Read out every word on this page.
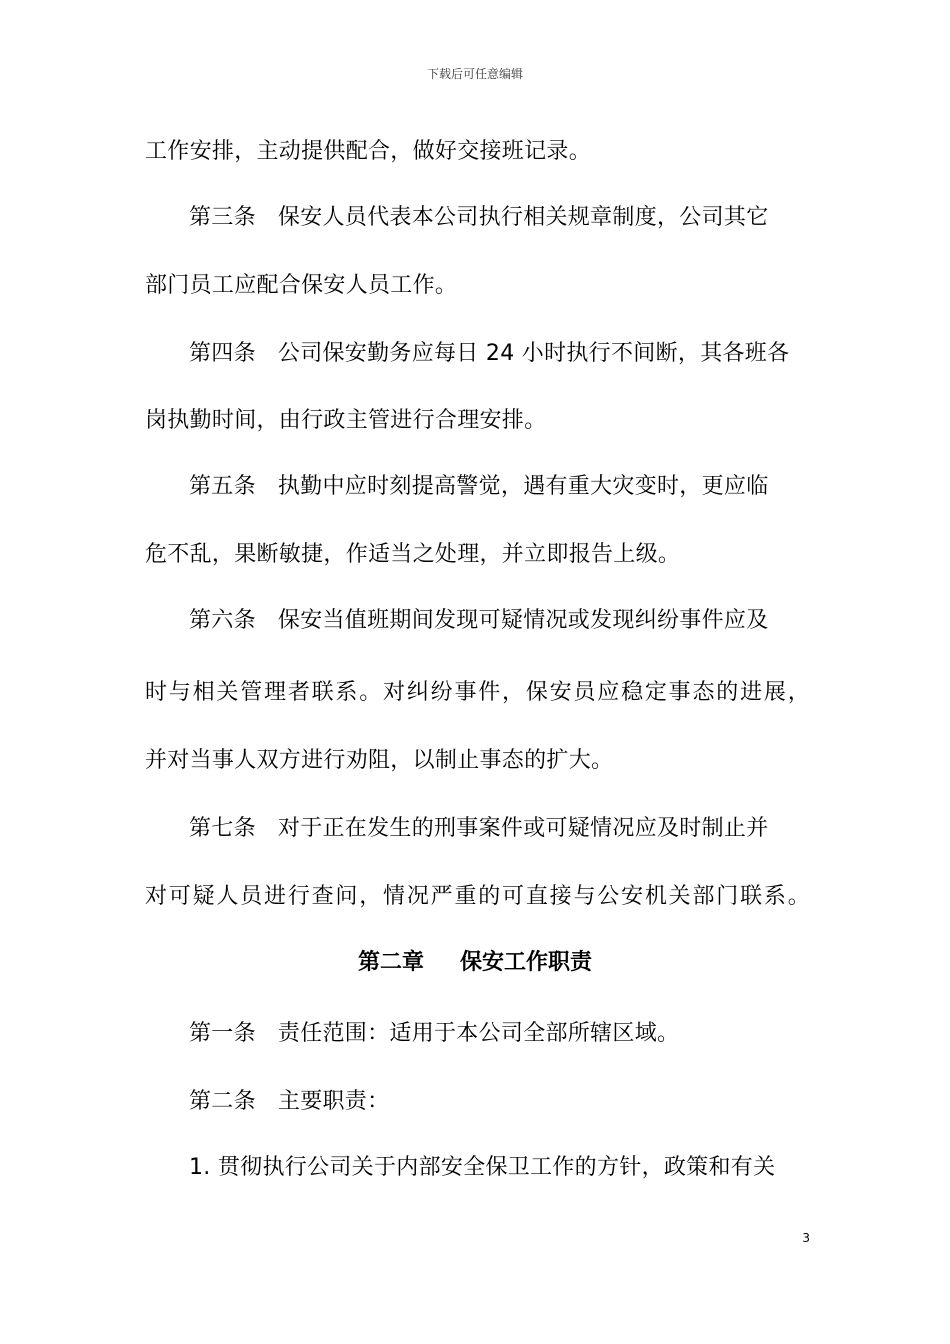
下载后可任意编辑
工作安排，主动提供配合，做好交接班记录。
第三条 保安人员代表本公司执行相关规章制度，公司其它
部门员工应配合保安人员工作。
第四条 公司保安勤务应每日 24 小时执行不间断，其各班各
岗执勤时间，由行政主管进行合理安排。
第五条 执勤中应时刻提高警觉，遇有重大灾变时，更应临
危不乱，果断敏捷，作适当之处理，并立即报告上级。
第六条 保安当值班期间发现可疑情况或发现纠纷事件应及
时与相关管理者联系。对纠纷事件，保安员应稳定事态的进展，
并对当事人双方进行劝阻，以制止事态的扩大。
第七条 对于正在发生的刑事案件或可疑情况应及时制止并
对可疑人员进行查问，情况严重的可直接与公安机关部门联系。
第二章 保安工作职责
第一条 责任范围：适用于本公司全部所辖区域。
第二条 主要职责：
1. 贯彻执行公司关于内部安全保卫工作的方针，政策和有关
3
